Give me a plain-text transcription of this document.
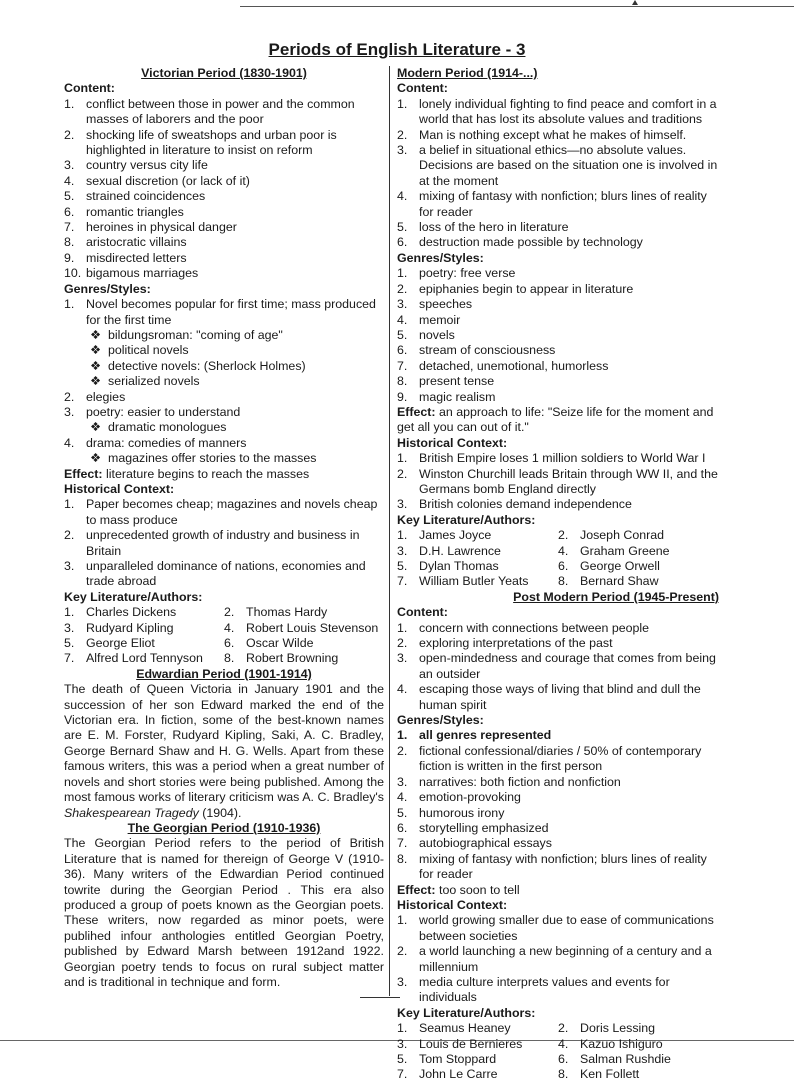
Periods of English Literature - 3
Victorian Period (1830-1901)
Content:
1. conflict between those in power and the common masses of laborers and the poor
2. shocking life of sweatshops and urban poor is highlighted in literature to insist on reform
3. country versus city life
4. sexual discretion (or lack of it)
5. strained coincidences
6. romantic triangles
7. heroines in physical danger
8. aristocratic villains
9. misdirected letters
10. bigamous marriages
Genres/Styles:
1. Novel becomes popular for first time; mass produced for the first time
❖ bildungsroman: "coming of age"
❖ political novels
❖ detective novels: (Sherlock Holmes)
❖ serialized novels
2. elegies
3. poetry: easier to understand
❖ dramatic monologues
4. drama: comedies of manners
❖ magazines offer stories to the masses
Effect: literature begins to reach the masses
Historical Context:
1. Paper becomes cheap; magazines and novels cheap to mass produce
2. unprecedented growth of industry and business in Britain
3. unparalleled dominance of nations, economies and trade abroad
Key Literature/Authors:
1. Charles Dickens	2. Thomas Hardy
3. Rudyard Kipling	4. Robert Louis Stevenson
5. George Eliot	6. Oscar Wilde
7. Alfred Lord Tennyson	8. Robert Browning
Edwardian Period (1901-1914)
The death of Queen Victoria in January 1901 and the succession of her son Edward marked the end of the Victorian era. In fiction, some of the best-known names are E. M. Forster, Rudyard Kipling, Saki, A. C. Bradley, George Bernard Shaw and H. G. Wells. Apart from these famous writers, this was a period when a great number of novels and short stories were being published. Among the most famous works of literary criticism was A. C. Bradley's Shakespearean Tragedy (1904).
The Georgian Period (1910-1936)
The Georgian Period refers to the period of British Literature that is named for thereign of George V (1910-36). Many writers of the Edwardian Period continued towrite during the Georgian Period . This era also produced a group of poets known as the Georgian poets. These writers, now regarded as minor poets, were publihed infour anthologies entitled Georgian Poetry, published by Edward Marsh between 1912and 1922. Georgian poetry tends to focus on rural subject matter and is traditional in technique and form.
Modern Period (1914-...)
Content:
1. lonely individual fighting to find peace and comfort in a world that has lost its absolute values and traditions
2. Man is nothing except what he makes of himself.
3. a belief in situational ethics—no absolute values. Decisions are based on the situation one is involved in at the moment
4. mixing of fantasy with nonfiction; blurs lines of reality for reader
5. loss of the hero in literature
6. destruction made possible by technology
Genres/Styles:
1. poetry: free verse
2. epiphanies begin to appear in literature
3. speeches
4. memoir
5. novels
6. stream of consciousness
7. detached, unemotional, humorless
8. present tense
9. magic realism
Effect: an approach to life: "Seize life for the moment and get all you can out of it."
Historical Context:
1. British Empire loses 1 million soldiers to World War I
2. Winston Churchill leads Britain through WW II, and the Germans bomb England directly
3. British colonies demand independence
Key Literature/Authors:
1. James Joyce	2. Joseph Conrad
3. D.H. Lawrence	4. Graham Greene
5. Dylan Thomas	6. George Orwell
7. William Butler Yeats	8. Bernard Shaw
Post Modern Period (1945-Present)
Content:
1. concern with connections between people
2. exploring interpretations of the past
3. open-mindedness and courage that comes from being an outsider
4. escaping those ways of living that blind and dull the human spirit
Genres/Styles:
1. all genres represented
2. fictional confessional/diaries / 50% of contemporary fiction is written in the first person
3. narratives: both fiction and nonfiction
4. emotion-provoking
5. humorous irony
6. storytelling emphasized
7. autobiographical essays
8. mixing of fantasy with nonfiction; blurs lines of reality for reader
Effect: too soon to tell
Historical Context:
1. world growing smaller due to ease of communications between societies
2. a world launching a new beginning of a century and a millennium
3. media culture interprets values and events for individuals
Key Literature/Authors:
1. Seamus Heaney	2. Doris Lessing
3. Louis de Bernieres	4. Kazuo Ishiguro
5. Tom Stoppard	6. Salman Rushdie
7. John Le Carre	8. Ken Follett
